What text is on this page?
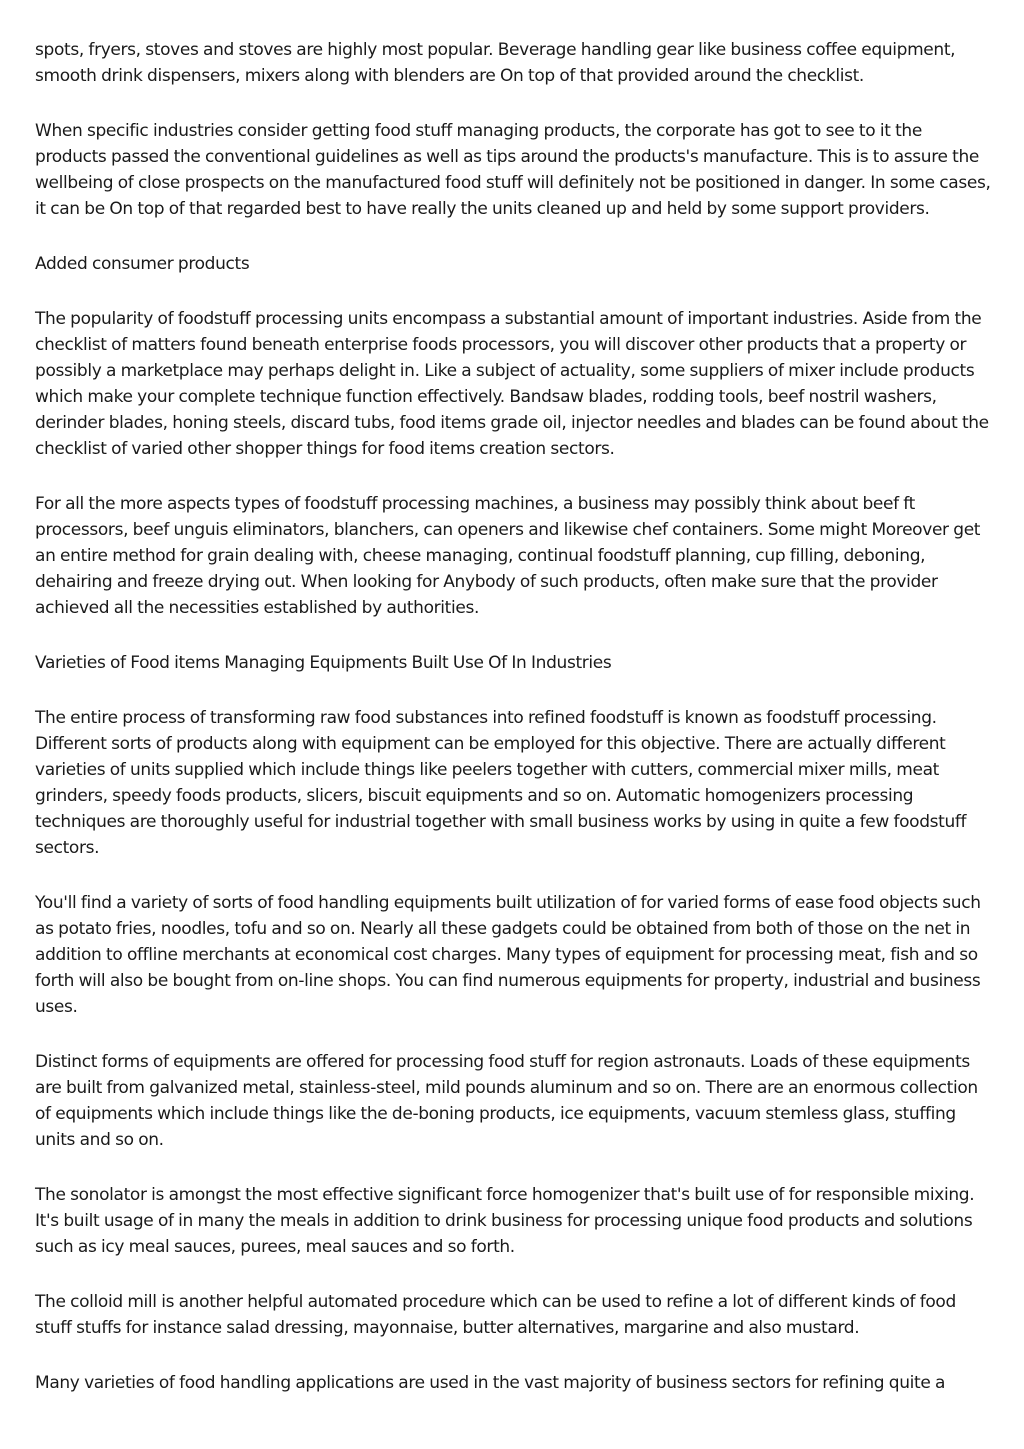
spots, fryers, stoves and stoves are highly most popular. Beverage handling gear like business coffee equipment, smooth drink dispensers, mixers along with blenders are On top of that provided around the checklist.

When specific industries consider getting food stuff managing products, the corporate has got to see to it the products passed the conventional guidelines as well as tips around the products's manufacture. This is to assure the wellbeing of close prospects on the manufactured food stuff will definitely not be positioned in danger. In some cases, it can be On top of that regarded best to have really the units cleaned up and held by some support providers.

Added consumer products

The popularity of foodstuff processing units encompass a substantial amount of important industries. Aside from the checklist of matters found beneath enterprise foods processors, you will discover other products that a property or possibly a marketplace may perhaps delight in. Like a subject of actuality, some suppliers of mixer include products which make your complete technique function effectively. Bandsaw blades, rodding tools, beef nostril washers, derinder blades, honing steels, discard tubs, food items grade oil, injector needles and blades can be found about the checklist of varied other shopper things for food items creation sectors.

For all the more aspects types of foodstuff processing machines, a business may possibly think about beef ft processors, beef unguis eliminators, blanchers, can openers and likewise chef containers. Some might Moreover get an entire method for grain dealing with, cheese managing, continual foodstuff planning, cup filling, deboning, dehairing and freeze drying out. When looking for Anybody of such products, often make sure that the provider achieved all the necessities established by authorities.

Varieties of Food items Managing Equipments Built Use Of In Industries

The entire process of transforming raw food substances into refined foodstuff is known as foodstuff processing. Different sorts of products along with equipment can be employed for this objective. There are actually different varieties of units supplied which include things like peelers together with cutters, commercial mixer mills, meat grinders, speedy foods products, slicers, biscuit equipments and so on. Automatic homogenizers processing techniques are thoroughly useful for industrial together with small business works by using in quite a few foodstuff sectors.

You'll find a variety of sorts of food handling equipments built utilization of for varied forms of ease food objects such as potato fries, noodles, tofu and so on. Nearly all these gadgets could be obtained from both of those on the net in addition to offline merchants at economical cost charges. Many types of equipment for processing meat, fish and so forth will also be bought from on-line shops. You can find numerous equipments for property, industrial and business uses.

Distinct forms of equipments are offered for processing food stuff for region astronauts. Loads of these equipments are built from galvanized metal, stainless-steel, mild pounds aluminum and so on. There are an enormous collection of equipments which include things like the de-boning products, ice equipments, vacuum stemless glass, stuffing units and so on.

The sonolator is amongst the most effective significant force homogenizer that's built use of for responsible mixing. It's built usage of in many the meals in addition to drink business for processing unique food products and solutions such as icy meal sauces, purees, meal sauces and so forth.

The colloid mill is another helpful automated procedure which can be used to refine a lot of different kinds of food stuff stuffs for instance salad dressing, mayonnaise, butter alternatives, margarine and also mustard.

Many varieties of food handling applications are used in the vast majority of business sectors for refining quite a
